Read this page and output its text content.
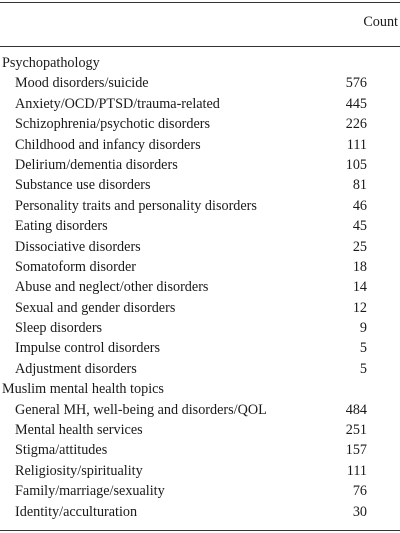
Count
Psychopathology
Mood disorders/suicide	576
Anxiety/OCD/PTSD/trauma-related	445
Schizophrenia/psychotic disorders	226
Childhood and infancy disorders	111
Delirium/dementia disorders	105
Substance use disorders	81
Personality traits and personality disorders	46
Eating disorders	45
Dissociative disorders	25
Somatoform disorder	18
Abuse and neglect/other disorders	14
Sexual and gender disorders	12
Sleep disorders	9
Impulse control disorders	5
Adjustment disorders	5
Muslim mental health topics
General MH, well-being and disorders/QOL	484
Mental health services	251
Stigma/attitudes	157
Religiosity/spirituality	111
Family/marriage/sexuality	76
Identity/acculturation	30
